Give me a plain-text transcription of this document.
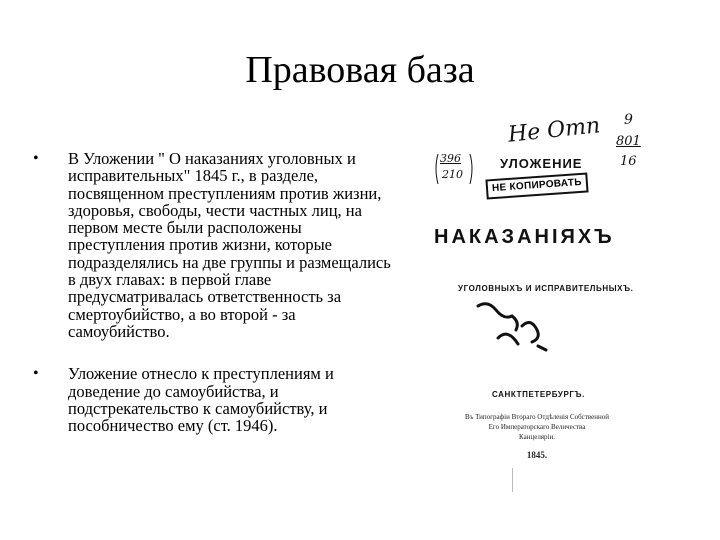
Правовая база
• В Уложении " О наказаниях уголовных и исправительных" 1845 г., в разделе, посвященном преступлениям против жизни, здоровья, свободы, чести частных лиц, на первом месте были расположены преступления против жизни, которые подразделялись на две группы и размещались в двух главах: в первой главе предусматривалась ответственность за смертоубийство, а во второй - за самоубийство.
• Уложение отнесло к преступлениям и доведение до самоубийства, и подстрекательство к самоубийству, и пособничество ему (ст. 1946).
Не Отп 9
801
16
396
210
УЛОЖЕНИЕ
НЕ КОПИРОВАТЬ
НАКАЗАНІЯХЪ
УГОЛОВНЫХЪ И ИСПРАВИТЕЛЬНЫХЪ.
САНКТПЕТЕРБУРГЪ.
Въ Типографіи Втораго Отдѣленія Собственной
Его Императорскаго Величества
Канцеляріи.
1845.
